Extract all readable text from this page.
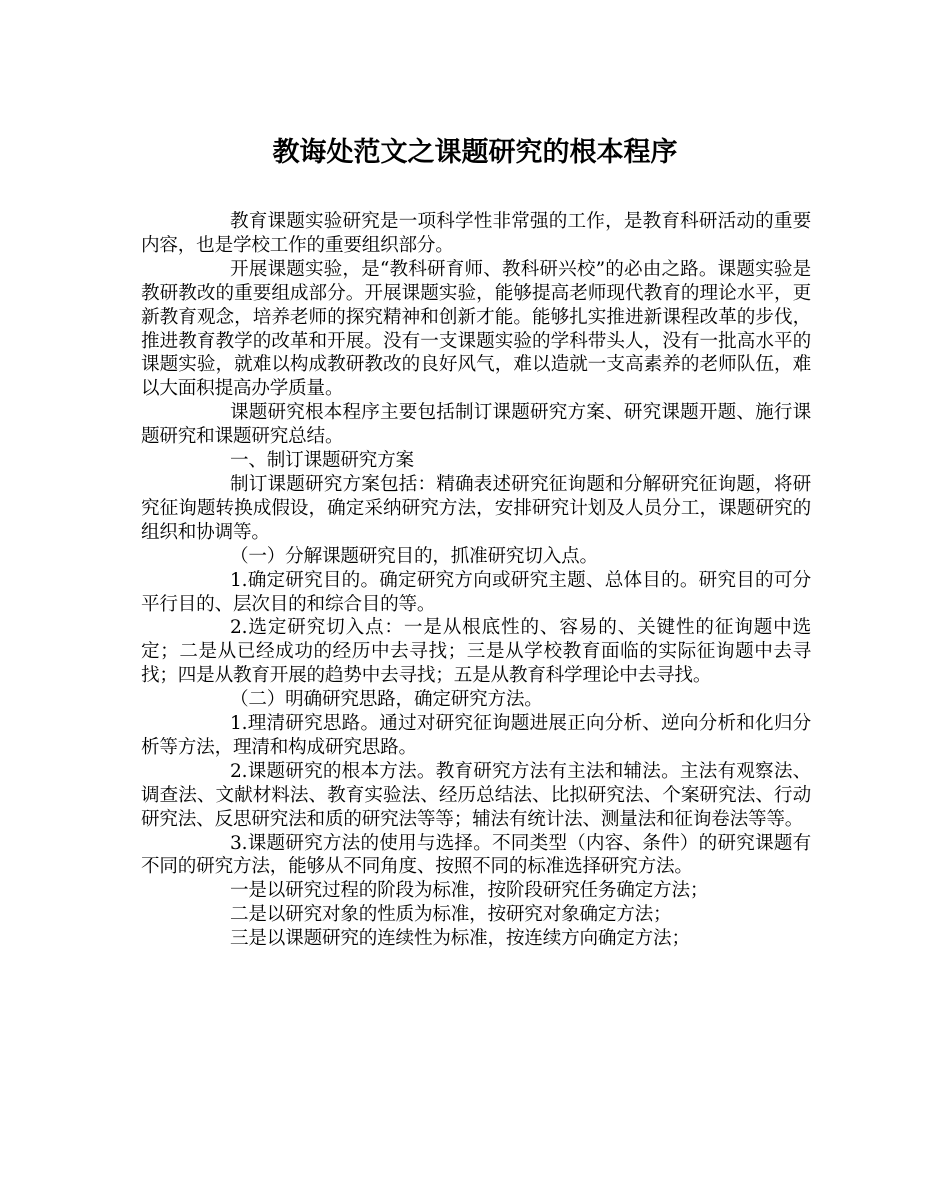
教诲处范文之课题研究的根本程序

教育课题实验研究是一项科学性非常强的工作，是教育科研活动的重要内容，也是学校工作的重要组织部分。

开展课题实验，是“教科研育师、教科研兴校”的必由之路。课题实验是教研教改的重要组成部分。开展课题实验，能够提高老师现代教育的理论水平，更新教育观念，培养老师的探究精神和创新才能。能够扎实推进新课程改革的步伐，推进教育教学的改革和开展。没有一支课题实验的学科带头人，没有一批高水平的课题实验，就难以构成教研教改的良好风气，难以造就一支高素养的老师队伍，难以大面积提高办学质量。

课题研究根本程序主要包括制订课题研究方案、研究课题开题、施行课题研究和课题研究总结。

一、制订课题研究方案

制订课题研究方案包括：精确表述研究征询题和分解研究征询题，将研究征询题转换成假设，确定采纳研究方法，安排研究计划及人员分工，课题研究的组织和协调等。

（一）分解课题研究目的，抓准研究切入点。

1.确定研究目的。确定研究方向或研究主题、总体目的。研究目的可分平行目的、层次目的和综合目的等。

2.选定研究切入点：一是从根底性的、容易的、关键性的征询题中选定；二是从已经成功的经历中去寻找；三是从学校教育面临的实际征询题中去寻找；四是从教育开展的趋势中去寻找；五是从教育科学理论中去寻找。

（二）明确研究思路，确定研究方法。

1.理清研究思路。通过对研究征询题进展正向分析、逆向分析和化归分析等方法，理清和构成研究思路。

2.课题研究的根本方法。教育研究方法有主法和辅法。主法有观察法、调查法、文献材料法、教育实验法、经历总结法、比拟研究法、个案研究法、行动研究法、反思研究法和质的研究法等等；辅法有统计法、测量法和征询卷法等等。

3.课题研究方法的使用与选择。不同类型（内容、条件）的研究课题有不同的研究方法，能够从不同角度、按照不同的标准选择研究方法。

一是以研究过程的阶段为标准，按阶段研究任务确定方法；

二是以研究对象的性质为标准，按研究对象确定方法；

三是以课题研究的连续性为标准，按连续方向确定方法；
